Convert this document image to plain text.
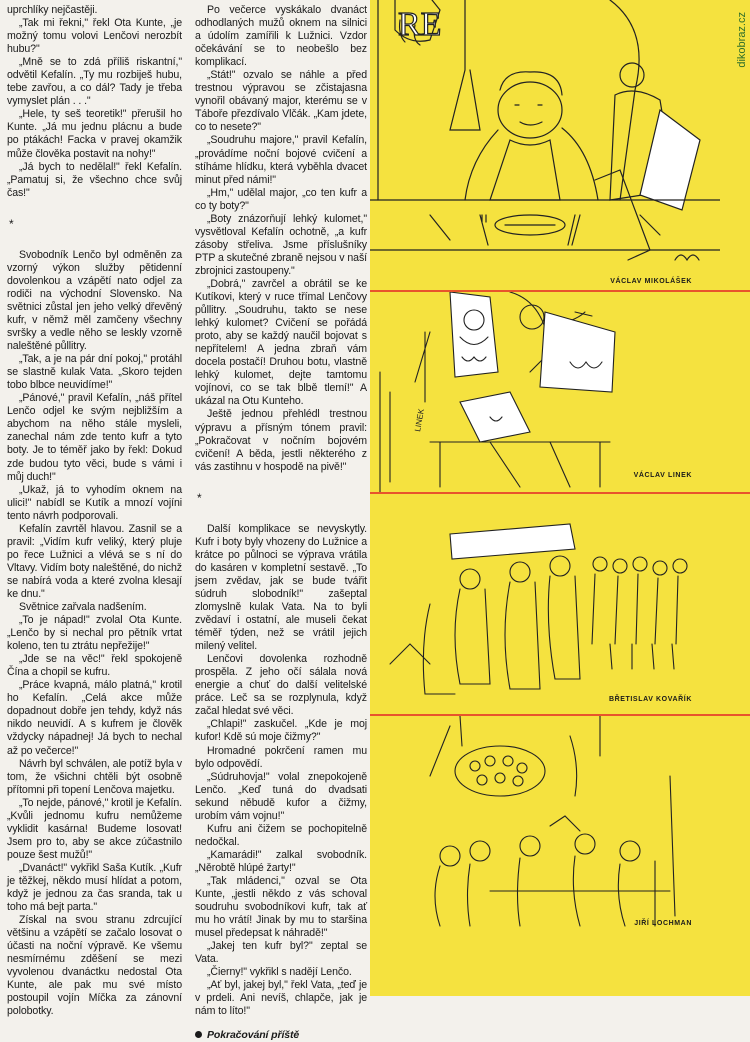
uprchlíky nejčastěji.

„Tak mi řekni," řekl Ota Kunte, „je možný tomu volovi Lenčovi nerozbít hubu?"

„Mně se to zdá příliš riskantní," odvětil Kefalín. „Ty mu rozbiješ hubu, tebe zavřou, a co dál? Tady je třeba vymyslet plán . . ."

„Hele, ty seš teoretik!" přerušil ho Kunte. „Já mu jednu plácnu a bude po ptákách! Facka v pravej okamžik může člověka postavit na nohy!"

„Já bych to nedělal!" řekl Kefalín. „Pamatuj si, že všechno chce svůj čas!"

*

Svobodník Lenčo byl odměněn za vzorný výkon služby pětidenní dovolenkou a vzápětí nato odjel za rodiči na východní Slovensko. Na světnici zůstal jen jeho velký dřevěný kufr, v němž měl zamčeny všechny svršky a vedle něho se leskly vzorně naleštěné půllitry.

„Tak, a je na pár dní pokoj," protáhl se slastně kulak Vata. „Skoro tejden tobo blbce neuvidíme!"

„Pánové," pravil Kefalín, „náš přítel Lenčo odjel ke svým nejbližším a abychom na něho stále mysleli, zanechal nám zde tento kufr a tyto boty. Je to téměř jako by řekl: Dokud zde budou tyto věci, bude s vámi i můj duch!"

„Ukaž, já to vyhodím oknem na ulici!" nabídl se Kutík a mnozí vojíni tento návrh podporovali.

Kefalín zavrtěl hlavou. Zasnil se a pravil: „Vidím kufr veliký, který pluje po řece Lužnici a vlévá se s ní do Vltavy. Vidím boty naleštěné, do nichž se nabírá voda a které zvolna klesají ke dnu."

Světnice zařvala nadšením.

„To je nápad!" zvolal Ota Kunte. „Lenčo by si nechal pro pětník vrtat koleno, ten tu ztrátu nepřežije!"

„Jde se na věc!" řekl spokojeně Čína a chopil se kufru.

„Práce kvapná, málo platná," krotil ho Kefalín. „Celá akce může dopadnout dobře jen tehdy, když nás nikdo neuvidí. A s kufrem je člověk vždycky nápadnej! Já bych to nechal až po večerce!"

Návrh byl schválen, ale potíž byla v tom, že všichni chtěli být osobně přítomni při topení Lenčova majetku.

„To nejde, pánové," krotil je Kefalín. „Kvůli jednomu kufru nemůžeme vyklidit kasárna! Budeme losovat! Jsem pro to, aby se akce zúčastnilo pouze šest mužů!"

„Dvanáct!" vykřikl Saša Kutík. „Kufr je těžkej, někdo musí hlídat a potom, když je jednou za čas sranda, tak u toho má bejt parta."

Získal na svou stranu zdrcující většinu a vzápětí se začalo losovat o účasti na noční výpravě. Ke všemu nesmírnému zděšení se mezi vyvolenou dvanáctku nedostal Ota Kunte, ale pak mu své místo postoupil vojín Míčka za zánovní polobotky.

Po večerce vyskákalo dvanáct odhodlaných mužů oknem na silnici a údolím zamířili k Lužnici. Vzdor očekávání se to neobešlo bez komplikací.

„Stát!" ozvalo se náhle a před trestnou výpravou se zčistajasna vynořil obávaný major, kterému se v Táboře přezdívalo Vlčák. „Kam jdete, co to nesete?"

„Soudruhu majore," pravil Kefalín, „provádíme noční bojové cvičení a stíháme hlídku, která vyběhla dvacet minut před námi!"

„Hm," udělal major, „co ten kufr a co ty boty?"

„Boty znázorňují lehký kulomet," vysvětloval Kefalín ochotně, „a kufr zásoby střeliva. Jsme příslušníky PTP a skutečné zbraně nejsou v naší zbrojnici zastoupeny."

„Dobrá," zavrčel a obrátil se ke Kutíkovi, který v ruce třímal Lenčovy půllitry. „Soudruhu, takto se nese lehký kulomet? Cvičení se pořádá proto, aby se každý naučil bojovat s nepřítelem! A jedna zbraň vám docela postačí! Druhou botu, vlastně lehký kulomet, dejte tamtomu vojínovi, co se tak blbě tlemí!" A ukázal na Otu Kunteho.

Ještě jednou přehlédl trestnou výpravu a přísným tónem pravil: „Pokračovat v nočním bojovém cvičení! A běda, jestli některého z vás zastihnu v hospodě na pivě!"

*

Další komplikace se nevyskytly. Kufr i boty byly vhozeny do Lužnice a krátce po půlnoci se výprava vrátila do kasáren v kompletní sestavě. „To jsem zvědav, jak se bude tvářit súdruh slobodník!" zašeptal zlomyslně kulak Vata. Na to byli zvědaví i ostatní, ale museli čekat téměř týden, než se vrátil jejich milený velitel.

Lenčovi dovolenka rozhodně prospěla. Z jeho očí sálala nová energie a chuť do další velitelské práce. Leč sa se rozplynula, když začal hledat své věci.

„Chlapi!" zaskučel. „Kde je moj kufor! Kdě sú moje čižmy?"

Hromadné pokrčení ramen mu bylo odpovědí.

„Súdruhovja!" volal znepokojeně Lenčo. „Keď tuná do dvadsati sekund něbudě kufor a čižmy, urobím vám vojnu!"

Kufru ani čižem se pochopitelně nedočkal.

„Kamarádi!" zalkal svobodník. „Něrobtě hlúpé žarty!"

„Tak mládenci," ozval se Ota Kunte, „jestli někdo z vás schoval soudruhu svobodníkovi kufr, tak ať mu ho vrátí! Jinak by mu to staršina musel předepsat k náhradě!"

„Jakej ten kufr byl?" zeptal se Vata.

„Čierny!" vykřikl s nadějí Lenčo.

„Ať byl, jakej byl," řekl Vata, „teď je v prdeli. Ani nevíš, chlapče, jak je nám to líto!"

Pokračování příště

dikobraz.cz
RE
VÁCLAV MIKOLÁŠEK
LINEK
VÁCLAV LINEK
BŘETISLAV KOVAŘÍK
JIŘÍ LOCHMAN
